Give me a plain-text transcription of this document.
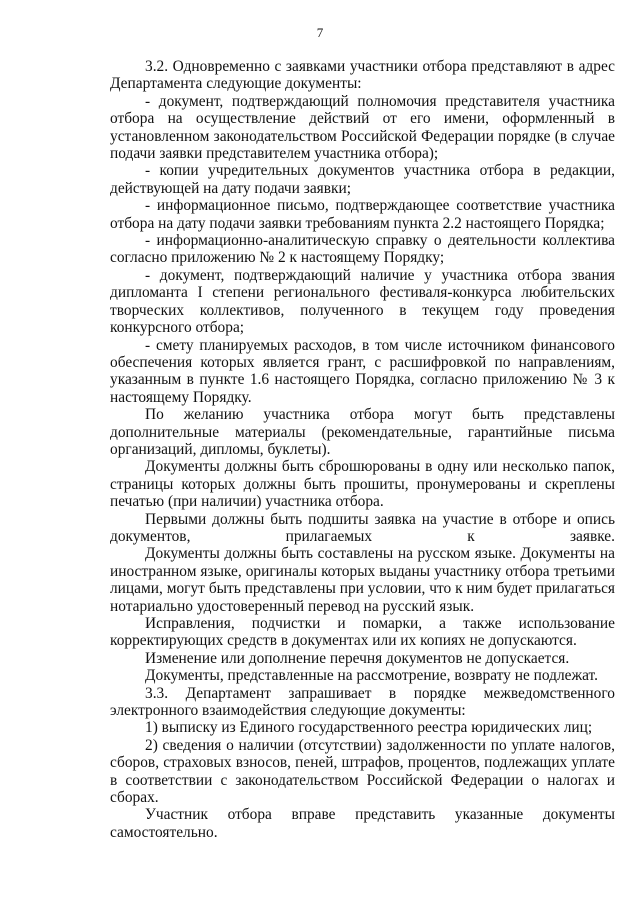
7

3.2. Одновременно с заявками участники отбора представляют в адрес Департамента следующие документы:

- документ, подтверждающий полномочия представителя участника отбора на осуществление действий от его имени, оформленный в установленном законодательством Российской Федерации порядке (в случае подачи заявки представителем участника отбора);

- копии учредительных документов участника отбора в редакции, действующей на дату подачи заявки;

- информационное письмо, подтверждающее соответствие участника отбора на дату подачи заявки требованиям пункта 2.2 настоящего Порядка;

- информационно-аналитическую справку о деятельности коллектива согласно приложению № 2 к настоящему Порядку;

- документ, подтверждающий наличие у участника отбора звания дипломанта I степени регионального фестиваля-конкурса любительских творческих коллективов, полученного в текущем году проведения конкурсного отбора;

- смету планируемых расходов, в том числе источником финансового обеспечения которых является грант, с расшифровкой по направлениям, указанным в пункте 1.6 настоящего Порядка, согласно приложению № 3 к настоящему Порядку.

По желанию участника отбора могут быть представлены дополнительные материалы (рекомендательные, гарантийные письма организаций, дипломы, буклеты).

Документы должны быть сброшюрованы в одну или несколько папок, страницы которых должны быть прошиты, пронумерованы и скреплены печатью (при наличии) участника отбора.

Первыми должны быть подшиты заявка на участие в отборе и опись документов, прилагаемых к заявке.

Документы должны быть составлены на русском языке. Документы на иностранном языке, оригиналы которых выданы участнику отбора третьими лицами, могут быть представлены при условии, что к ним будет прилагаться нотариально удостоверенный перевод на русский язык.

Исправления, подчистки и помарки, а также использование корректирующих средств в документах или их копиях не допускаются.

Изменение или дополнение перечня документов не допускается.

Документы, представленные на рассмотрение, возврату не подлежат.

3.3. Департамент запрашивает в порядке межведомственного электронного взаимодействия следующие документы:

1) выписку из Единого государственного реестра юридических лиц;

2) сведения о наличии (отсутствии) задолженности по уплате налогов, сборов, страховых взносов, пеней, штрафов, процентов, подлежащих уплате в соответствии с законодательством Российской Федерации о налогах и сборах.

Участник отбора вправе представить указанные документы самостоятельно.
